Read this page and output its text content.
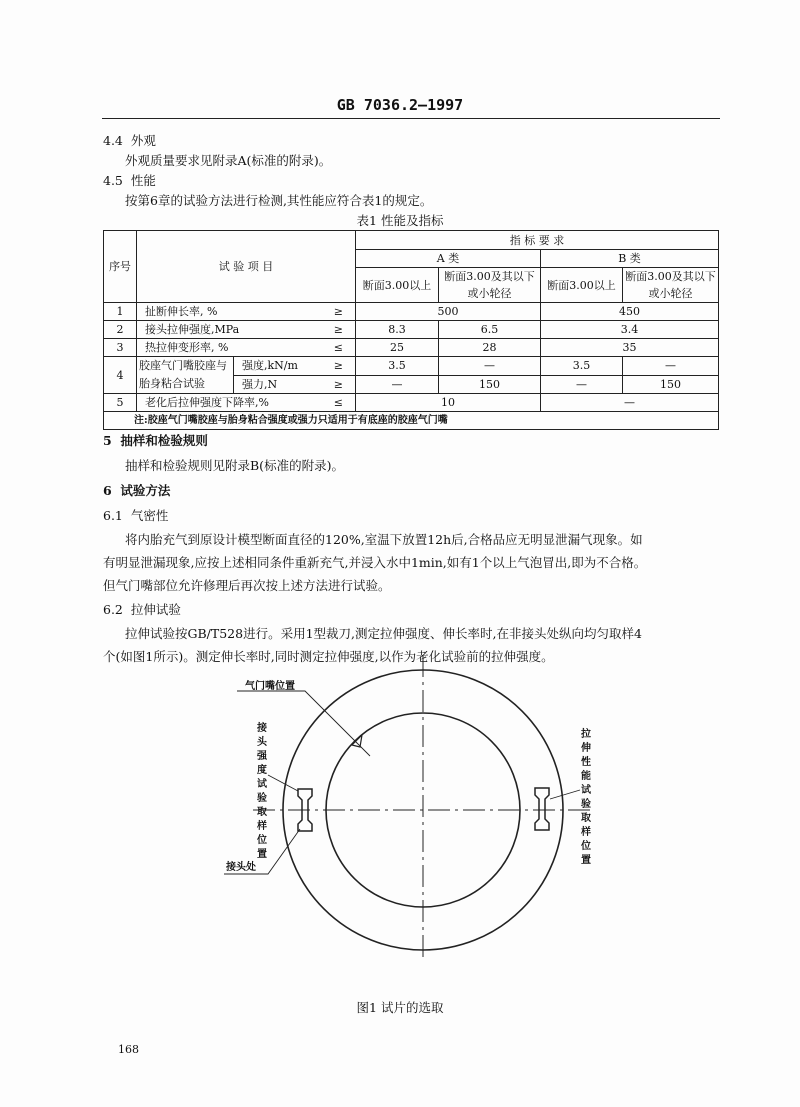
GB 7036.2—1997
4.4 外观
外观质量要求见附录A(标准的附录)。
4.5 性能
按第6章的试验方法进行检测,其性能应符合表1的规定。
表1 性能及指标
序号	试 验 项 目			指 标 要 求			
				A 类		B 类	
				断面3.00以上	断面3.00及其以下或小轮径	断面3.00以上	断面3.00及其以下或小轮径
1	扯断伸长率, %		≥	500		450	
2	接头拉伸强度,MPa		≥	8.3	6.5	3.4	
3	热拉伸变形率, %		≤	25	28	35	
4	胶座气门嘴胶座与胎身粘合试验	强度,kN/m	≥	3.5	—	3.5	—
		强力,N	≥	—	150	—	150
5	老化后拉伸强度下降率,%		≤	10		—	
注:胶座气门嘴胶座与胎身粘合强度或强力只适用于有底座的胶座气门嘴							
5 抽样和检验规则
抽样和检验规则见附录B(标准的附录)。
6 试验方法
6.1 气密性
将内胎充气到原设计模型断面直径的120%,室温下放置12h后,合格品应无明显泄漏气现象。如
有明显泄漏现象,应按上述相同条件重新充气,并浸入水中1min,如有1个以上气泡冒出,即为不合格。
但气门嘴部位允许修理后再次按上述方法进行试验。
6.2 拉伸试验
拉伸试验按GB/T528进行。采用1型裁刀,测定拉伸强度、伸长率时,在非接头处纵向均匀取样4
个(如图1所示)。测定伸长率时,同时测定拉伸强度,以作为老化试验前的拉伸强度。
气门嘴位置
接头强度试验取样位置
接头处
拉伸性能试验取样位置
图1 试片的选取
168
